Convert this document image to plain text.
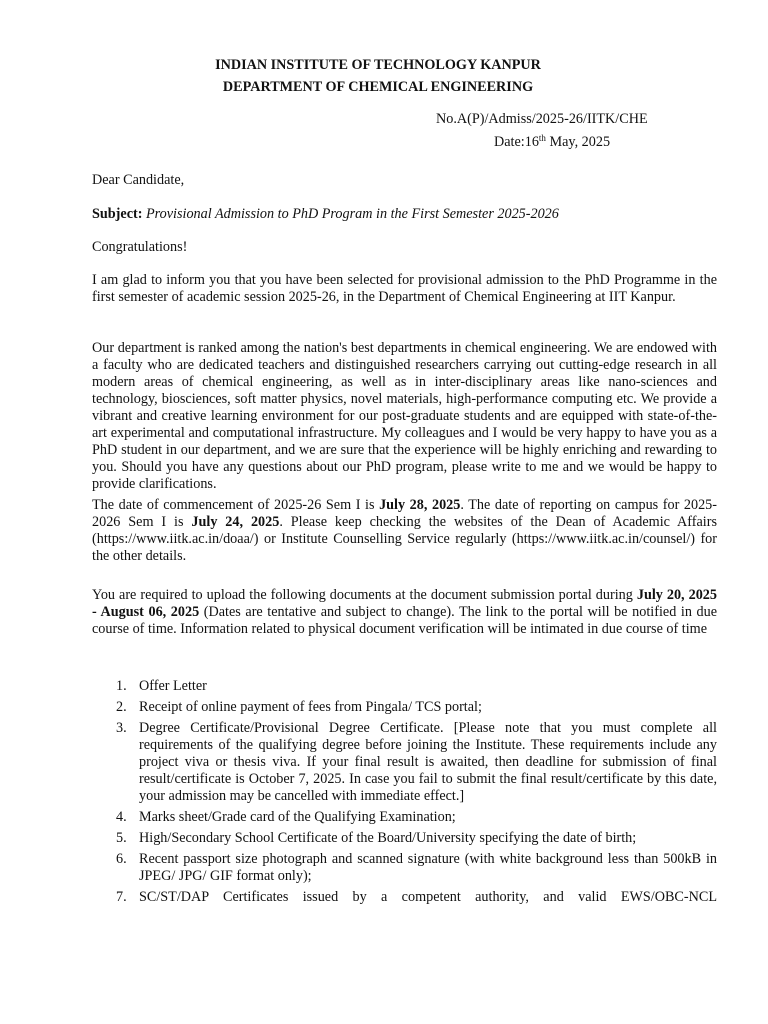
INDIAN INSTITUTE OF TECHNOLOGY KANPUR
DEPARTMENT OF CHEMICAL ENGINEERING
No.A(P)/Admiss/2025-26/IITK/CHE
Date:16th May, 2025

Dear Candidate,

Subject: Provisional Admission to PhD Program in the First Semester 2025-2026

Congratulations!

I am glad to inform you that you have been selected for provisional admission to the PhD Programme in the first semester of academic session 2025-26, in the Department of Chemical Engineering at IIT Kanpur.

Our department is ranked among the nation's best departments in chemical engineering. We are endowed with a faculty who are dedicated teachers and distinguished researchers carrying out cutting-edge research in all modern areas of chemical engineering, as well as in inter-disciplinary areas like nano-sciences and technology, biosciences, soft matter physics, novel materials, high-performance computing etc. We provide a vibrant and creative learning environment for our post-graduate students and are equipped with state-of-the-art experimental and computational infrastructure. My colleagues and I would be very happy to have you as a PhD student in our department, and we are sure that the experience will be highly enriching and rewarding to you. Should you have any questions about our PhD program, please write to me and we would be happy to provide clarifications.

The date of commencement of 2025-26 Sem I is July 28, 2025. The date of reporting on campus for 2025-2026 Sem I is July 24, 2025. Please keep checking the websites of the Dean of Academic Affairs (https://www.iitk.ac.in/doaa/) or Institute Counselling Service regularly (https://www.iitk.ac.in/counsel/) for the other details.

You are required to upload the following documents at the document submission portal during July 20, 2025 - August 06, 2025 (Dates are tentative and subject to change). The link to the portal will be notified in due course of time. Information related to physical document verification will be intimated in due course of time

1. Offer Letter
2. Receipt of online payment of fees from Pingala/ TCS portal;
3. Degree Certificate/Provisional Degree Certificate. [Please note that you must complete all requirements of the qualifying degree before joining the Institute. These requirements include any project viva or thesis viva. If your final result is awaited, then deadline for submission of final result/certificate is October 7, 2025. In case you fail to submit the final result/certificate by this date, your admission may be cancelled with immediate effect.]
4. Marks sheet/Grade card of the Qualifying Examination;
5. High/Secondary School Certificate of the Board/University specifying the date of birth;
6. Recent passport size photograph and scanned signature (with white background less than 500kB in JPEG/ JPG/ GIF format only);
7. SC/ST/DAP Certificates issued by a competent authority, and valid EWS/OBC-NCL
